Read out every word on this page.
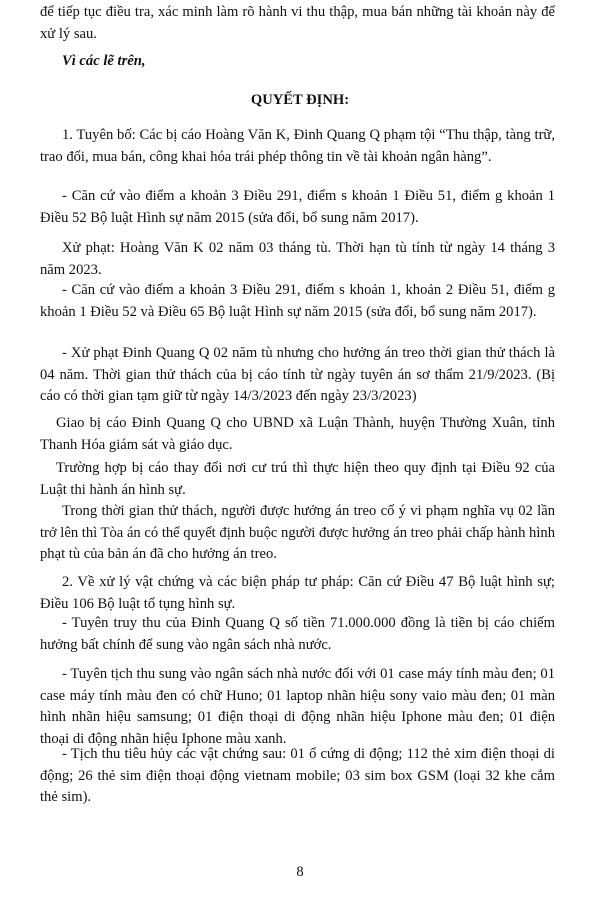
để tiếp tục điều tra, xác minh làm rõ hành vi thu thập, mua bán những tài khoản này để xử lý sau.

Vì các lẽ trên,

QUYẾT ĐỊNH:

1. Tuyên bố: Các bị cáo Hoàng Văn K, Đinh Quang Q phạm tội “Thu thập, tàng trữ, trao đổi, mua bán, công khai hóa trái phép thông tin về tài khoản ngân hàng”.

- Căn cứ vào điểm a khoản 3 Điều 291, điểm s khoản 1 Điều 51, điểm g khoản 1 Điều 52 Bộ luật Hình sự năm 2015 (sửa đổi, bổ sung năm 2017).

Xử phạt: Hoàng Văn K 02 năm 03 tháng tù. Thời hạn tù tính từ ngày 14 tháng 3 năm 2023.

- Căn cứ vào điểm a khoản 3 Điều 291, điểm s khoản 1, khoản 2 Điều 51, điểm g khoản 1 Điều 52 và Điều 65 Bộ luật Hình sự năm 2015 (sửa đổi, bổ sung năm 2017).

- Xử phạt Đinh Quang Q 02 năm tù nhưng cho hưởng án treo thời gian thử thách là 04 năm. Thời gian thử thách của bị cáo tính từ ngày tuyên án sơ thẩm 21/9/2023. (Bị cáo có thời gian tạm giữ từ ngày 14/3/2023 đến ngày 23/3/2023)

Giao bị cáo Đinh Quang Q cho UBND xã Luận Thành, huyện Thường Xuân, tỉnh Thanh Hóa giám sát và giáo dục.

Trường hợp bị cáo thay đổi nơi cư trú thì thực hiện theo quy định tại Điều 92 của Luật thi hành án hình sự.

Trong thời gian thử thách, người được hưởng án treo cố ý vi phạm nghĩa vụ 02 lần trở lên thì Tòa án có thể quyết định buộc người được hưởng án treo phải chấp hành hình phạt tù của bản án đã cho hưởng án treo.

2. Về xử lý vật chứng và các biện pháp tư pháp: Căn cứ Điều 47 Bộ luật hình sự; Điều 106 Bộ luật tố tụng hình sự.

- Tuyên truy thu của Đinh Quang Q số tiền 71.000.000 đồng là tiền bị cáo chiếm hưởng bất chính để sung vào ngân sách nhà nước.

- Tuyên tịch thu sung vào ngân sách nhà nước đối với 01 case máy tính màu đen; 01 case máy tính màu đen có chữ Huno; 01 laptop nhãn hiệu sony vaio màu đen; 01 màn hình nhãn hiệu samsung; 01 điện thoại di động nhãn hiệu Iphone màu đen; 01 điện thoại di động nhãn hiệu Iphone màu xanh.

- Tịch thu tiêu hủy các vật chứng sau: 01 ổ cứng di động; 112 thẻ xim điện thoại di động; 26 thẻ sim điện thoại động vietnam mobile; 03 sim box GSM (loại 32 khe cắm thẻ sim).

8
